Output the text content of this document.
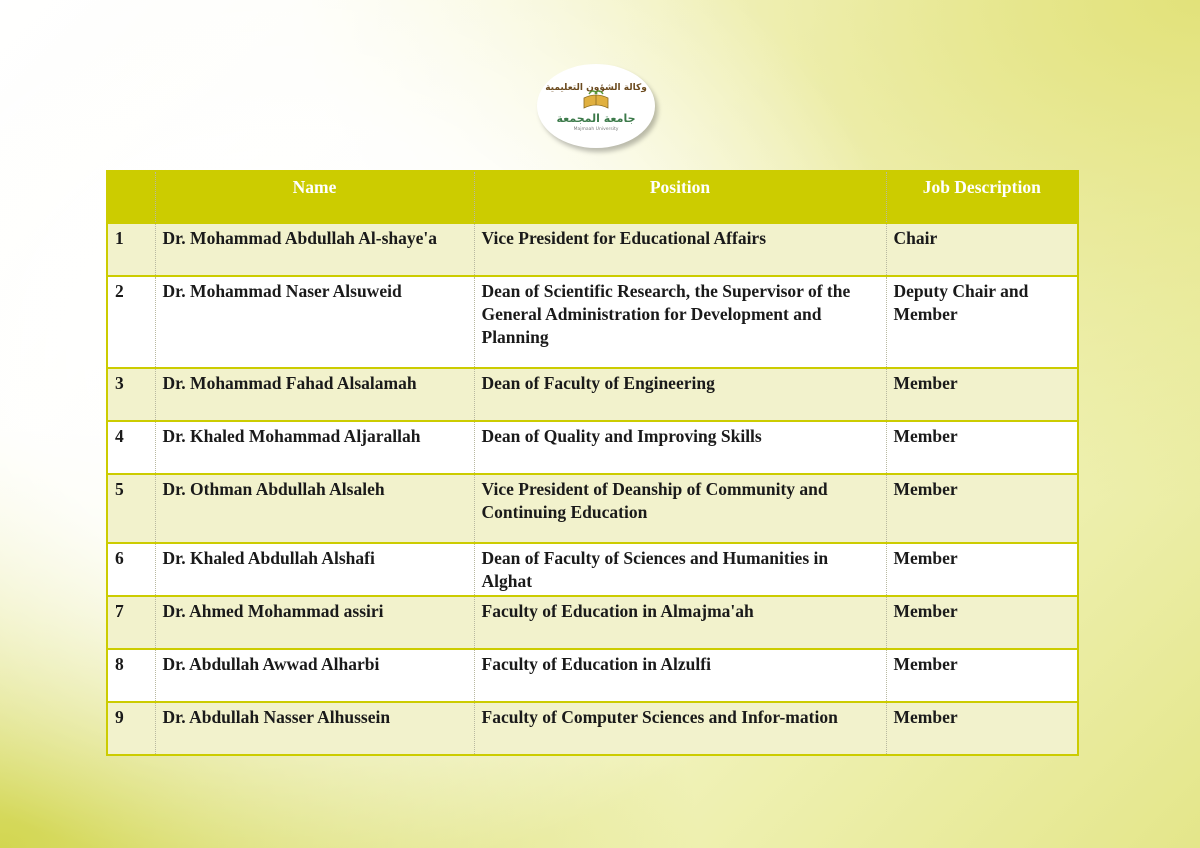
وكالة الشؤون التعليمية
جامعة المجمعة
Majmaah University
	Name	Position	Job Description
1	Dr. Mohammad Abdullah Al-shaye'a	Vice President for Educational Affairs	Chair
2	Dr. Mohammad Naser Alsuweid	Dean of Scientific Research, the Supervisor of the General Administration for Development and Planning	Deputy Chair and Member
3	Dr. Mohammad Fahad Alsalamah	Dean of Faculty of Engineering	Member
4	Dr. Khaled Mohammad Aljarallah	Dean of Quality and Improving Skills	Member
5	Dr. Othman Abdullah Alsaleh	Vice President of Deanship of Community and Continuing Education	Member
6	Dr. Khaled Abdullah Alshafi	Dean of Faculty of Sciences and Humanities in Alghat	Member
7	Dr. Ahmed Mohammad assiri	Faculty of Education in Almajma'ah	Member
8	Dr. Abdullah Awwad Alharbi	Faculty of Education in Alzulfi	Member
9	Dr. Abdullah Nasser Alhussein	Faculty of Computer Sciences and Infor-mation	Member
